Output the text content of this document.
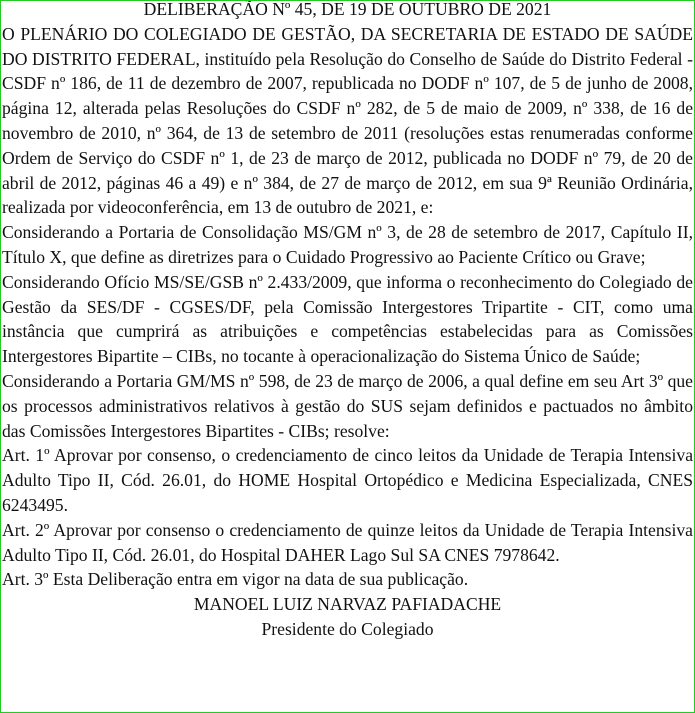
DELIBERAÇÃO Nº 45, DE 19 DE OUTUBRO DE 2021

O PLENÁRIO DO COLEGIADO DE GESTÃO, DA SECRETARIA DE ESTADO DE SAÚDE DO DISTRITO FEDERAL, instituído pela Resolução do Conselho de Saúde do Distrito Federal - CSDF nº 186, de 11 de dezembro de 2007, republicada no DODF nº 107, de 5 de junho de 2008, página 12, alterada pelas Resoluções do CSDF nº 282, de 5 de maio de 2009, nº 338, de 16 de novembro de 2010, nº 364, de 13 de setembro de 2011 (resoluções estas renumeradas conforme Ordem de Serviço do CSDF nº 1, de 23 de março de 2012, publicada no DODF nº 79, de 20 de abril de 2012, páginas 46 a 49) e nº 384, de 27 de março de 2012, em sua 9ª Reunião Ordinária, realizada por videoconferência, em 13 de outubro de 2021, e:

Considerando a Portaria de Consolidação MS/GM nº 3, de 28 de setembro de 2017, Capítulo II, Título X, que define as diretrizes para o Cuidado Progressivo ao Paciente Crítico ou Grave;

Considerando Ofício MS/SE/GSB nº 2.433/2009, que informa o reconhecimento do Colegiado de Gestão da SES/DF - CGSES/DF, pela Comissão Intergestores Tripartite - CIT, como uma instância que cumprirá as atribuições e competências estabelecidas para as Comissões Intergestores Bipartite – CIBs, no tocante à operacionalização do Sistema Único de Saúde;

Considerando a Portaria GM/MS nº 598, de 23 de março de 2006, a qual define em seu Art 3º que os processos administrativos relativos à gestão do SUS sejam definidos e pactuados no âmbito das Comissões Intergestores Bipartites - CIBs; resolve:

Art. 1º Aprovar por consenso, o credenciamento de cinco leitos da Unidade de Terapia Intensiva Adulto Tipo II, Cód. 26.01, do HOME Hospital Ortopédico e Medicina Especializada, CNES 6243495.

Art. 2º Aprovar por consenso o credenciamento de quinze leitos da Unidade de Terapia Intensiva Adulto Tipo II, Cód. 26.01, do Hospital DAHER Lago Sul SA CNES 7978642.

Art. 3º Esta Deliberação entra em vigor na data de sua publicação.

MANOEL LUIZ NARVAZ PAFIADACHE

Presidente do Colegiado
